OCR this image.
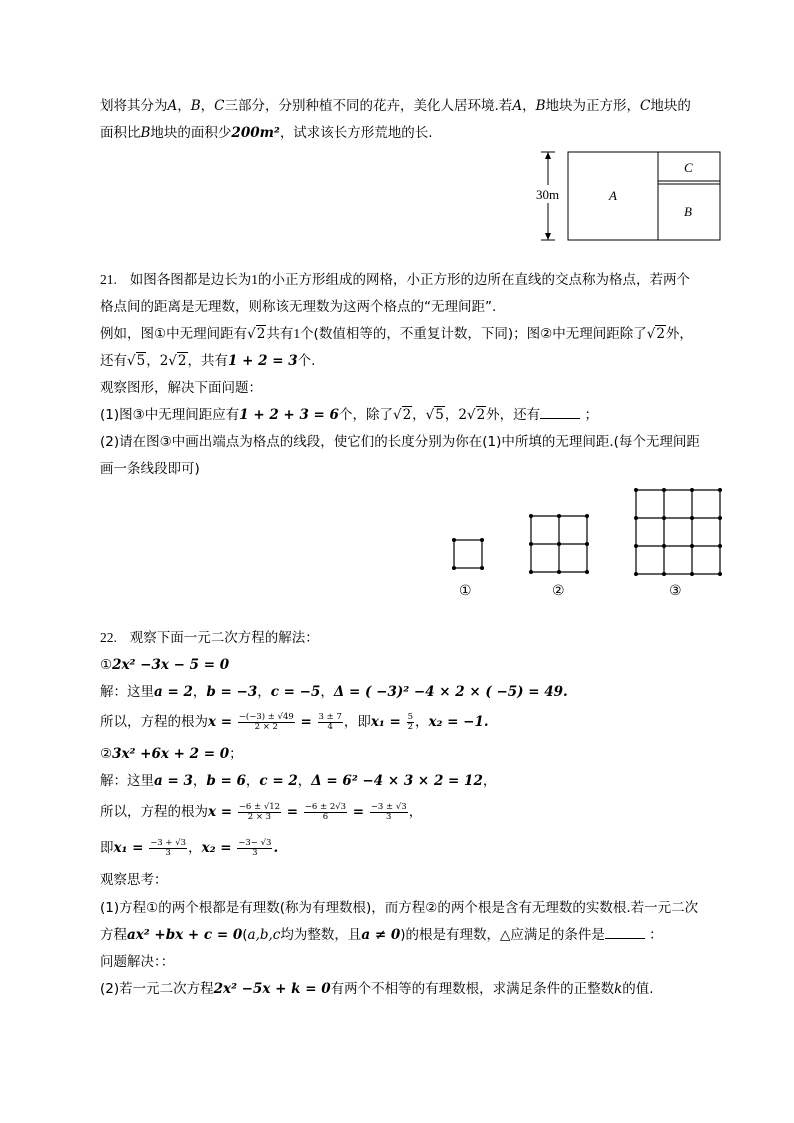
划将其分为A，B，C三部分，分别种植不同的花卉，美化人居环境.若A，B地块为正方形，C地块的
面积比B地块的面积少200m²，试求该长方形荒地的长.
30m	A
C
B
21.   如图各图都是边长为1的小正方形组成的网格，小正方形的边所在直线的交点称为格点，若两个
格点间的距离是无理数，则称该无理数为这两个格点的“无理间距”.
例如，图①中无理间距有√2共有1个(数值相等的，不重复计数，下同)；图②中无理间距除了√2外，
还有√5，2√2，共有1 + 2 = 3个.
观察图形，解决下面问题：
(1)图③中无理间距应有1 + 2 + 3 = 6个，除了√2，√5，2√2外，还有	；
(2)请在图③中画出端点为格点的线段，使它们的长度分别为你在(1)中所填的无理间距.(每个无理间距
画一条线段即可)
①	②	③
22.   观察下面一元二次方程的解法：
①2x² −3x − 5 = 0
解：这里a = 2，b = −3，c = −5，Δ = ( −3)² −4 × 2 × ( −5) = 49.
所以，方程的根为$x = \frac{-(-3) \pm √49}{2 \times 2} = \frac{3 \pm 7}{4}$ ，即$x_1 = \frac{5}{2}$ ，x₂ = −1.
②3x² +6x + 2 = 0；
解：这里a = 3，b = 6，c = 2，Δ = 6² −4 × 3 × 2 = 12，
所以，方程的根为$x = \frac{-6 \pm √12}{2 \times 3} = \frac{-6 \pm 2√3}{6} = \frac{-3 \pm √3}{3}$ ，
即$x_1 = \frac{-3 + √3}{3}$ ，$x_2 = \frac{-3- √3}{3}$ .
观察思考：
(1)方程①的两个根都是有理数(称为有理数根)，而方程②的两个根是含有无理数的实数根.若一元二次
方程ax² +bx + c = 0(a,b,c均为整数，且a ≠ 0)的根是有理数，△应满足的条件是	：
问题解决：：
(2)若一元二次方程2x² −5x + k = 0有两个不相等的有理数根，求满足条件的正整数k的值.
